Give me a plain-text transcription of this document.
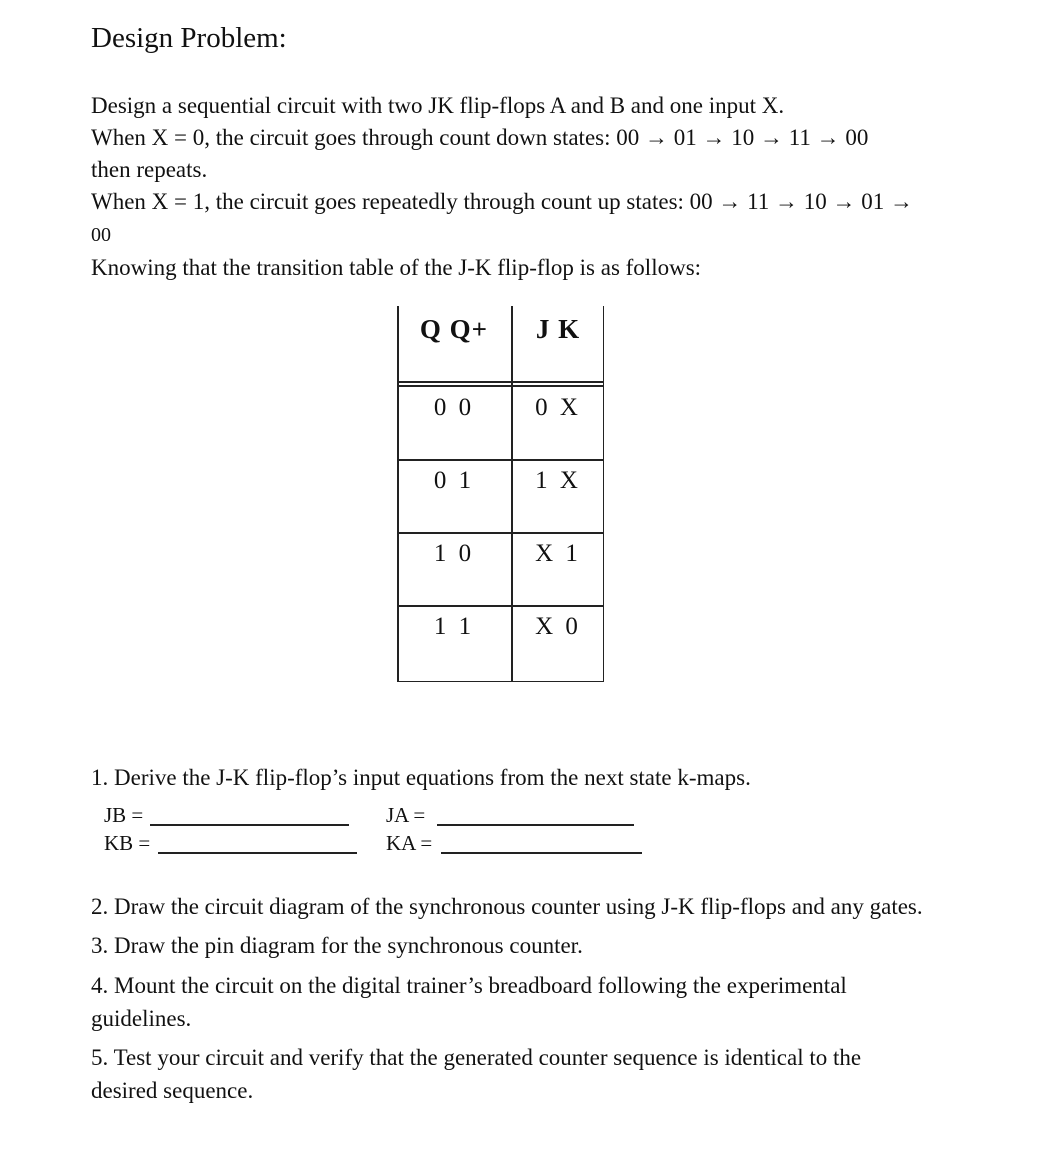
Design Problem:
Design a sequential circuit with two JK flip-flops A and B and one input X.
When X = 0, the circuit goes through count down states: 00 → 01 → 10 → 11 → 00
then repeats.
When X = 1, the circuit goes repeatedly through count up states: 00 → 11 → 10 → 01 →
00
Knowing that the transition table of the J-K flip-flop is as follows:
Q Q+	J K
0 0	0 X
0 1	1 X
1 0	X 1
1 1	X 0
1. Derive the J-K flip-flop’s input equations from the next state k-maps.
JB =
KB =
JA =
KA =
2. Draw the circuit diagram of the synchronous counter using J-K flip-flops and any gates.
3. Draw the pin diagram for the synchronous counter.
4. Mount the circuit on the digital trainer’s breadboard following the experimental
guidelines.
5. Test your circuit and verify that the generated counter sequence is identical to the
desired sequence.
